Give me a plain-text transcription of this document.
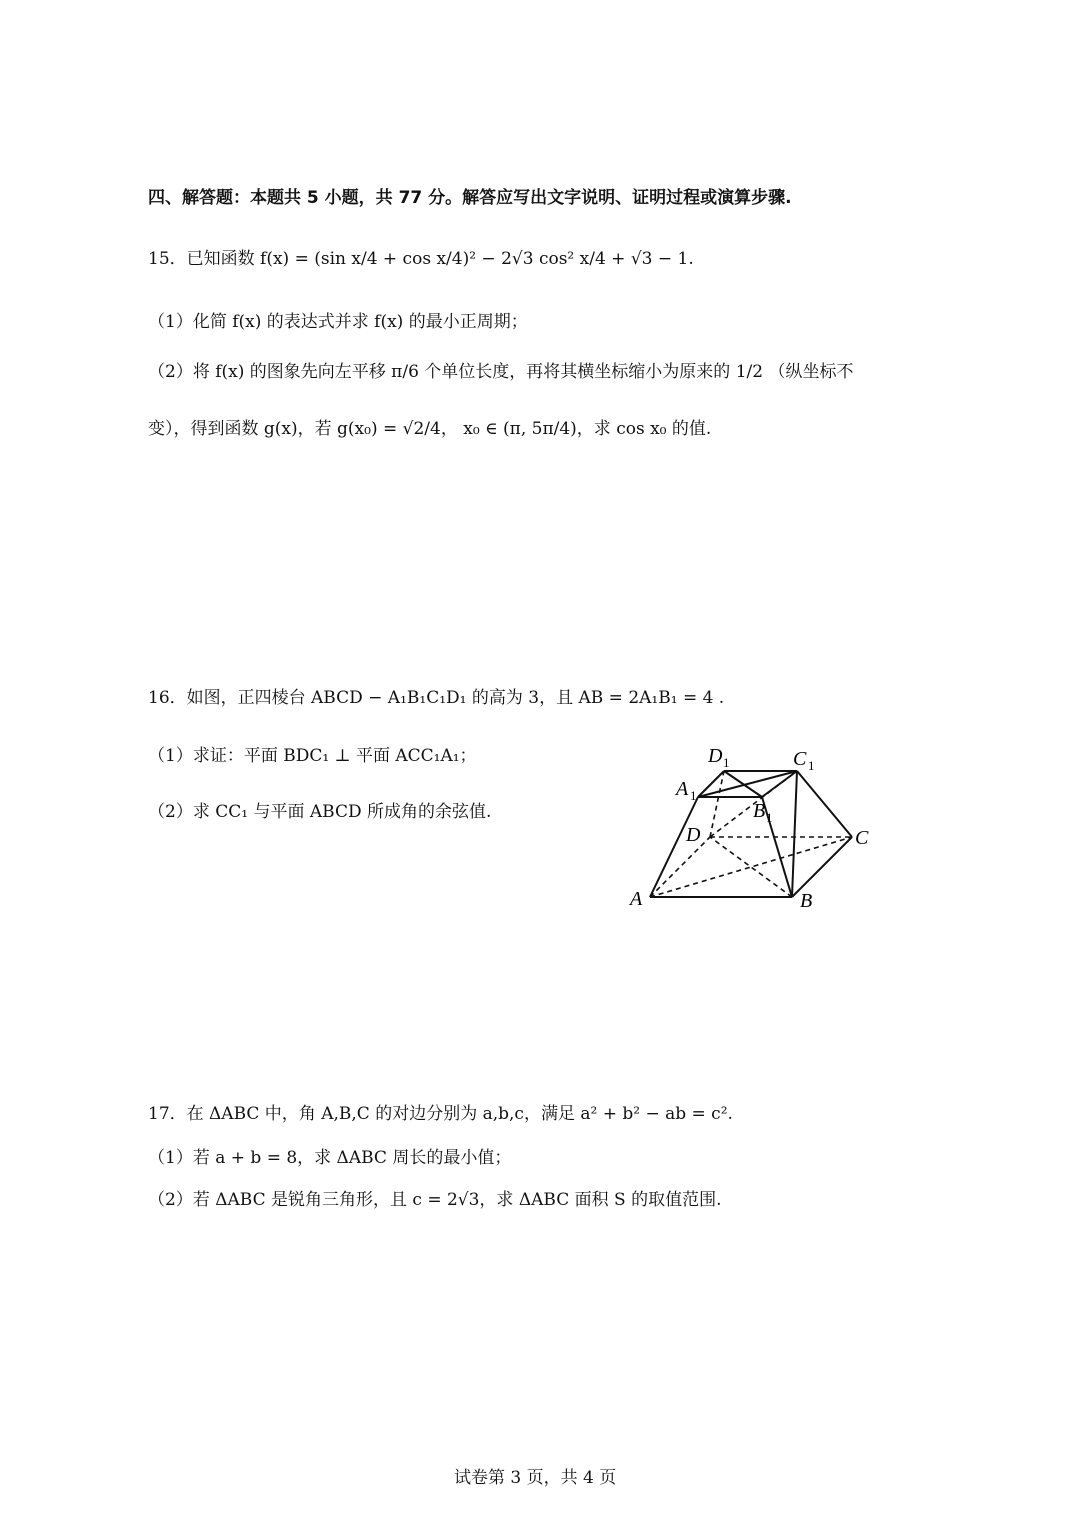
四、解答题：本题共 5 小题，共 77 分。解答应写出文字说明、证明过程或演算步骤.
15．已知函数 f(x) = (sin x/4 + cos x/4)² − 2√3 cos² x/4 + √3 − 1.
（1）化简 f(x) 的表达式并求 f(x) 的最小正周期；
（2）将 f(x) 的图象先向左平移 π/6 个单位长度，再将其横坐标缩小为原来的 1/2 （纵坐标不
变），得到函数 g(x)，若 g(x₀) = √2/4， x₀ ∈ (π, 5π/4)，求 cos x₀ 的值.
16．如图，正四棱台 ABCD − A₁B₁C₁D₁ 的高为 3，且 AB = 2A₁B₁ = 4 .
（1）求证：平面 BDC₁ ⊥ 平面 ACC₁A₁；
（2）求 CC₁ 与平面 ABCD 所成角的余弦值.
A	B
C
D
A 1
B 1
D 1	C 1
17．在 ΔABC 中，角 A,B,C 的对边分别为 a,b,c，满足 a² + b² − ab = c².
（1）若 a + b = 8，求 ΔABC 周长的最小值；
（2）若 ΔABC 是锐角三角形，且 c = 2√3，求 ΔABC 面积 S 的取值范围.
试卷第 3 页，共 4 页
